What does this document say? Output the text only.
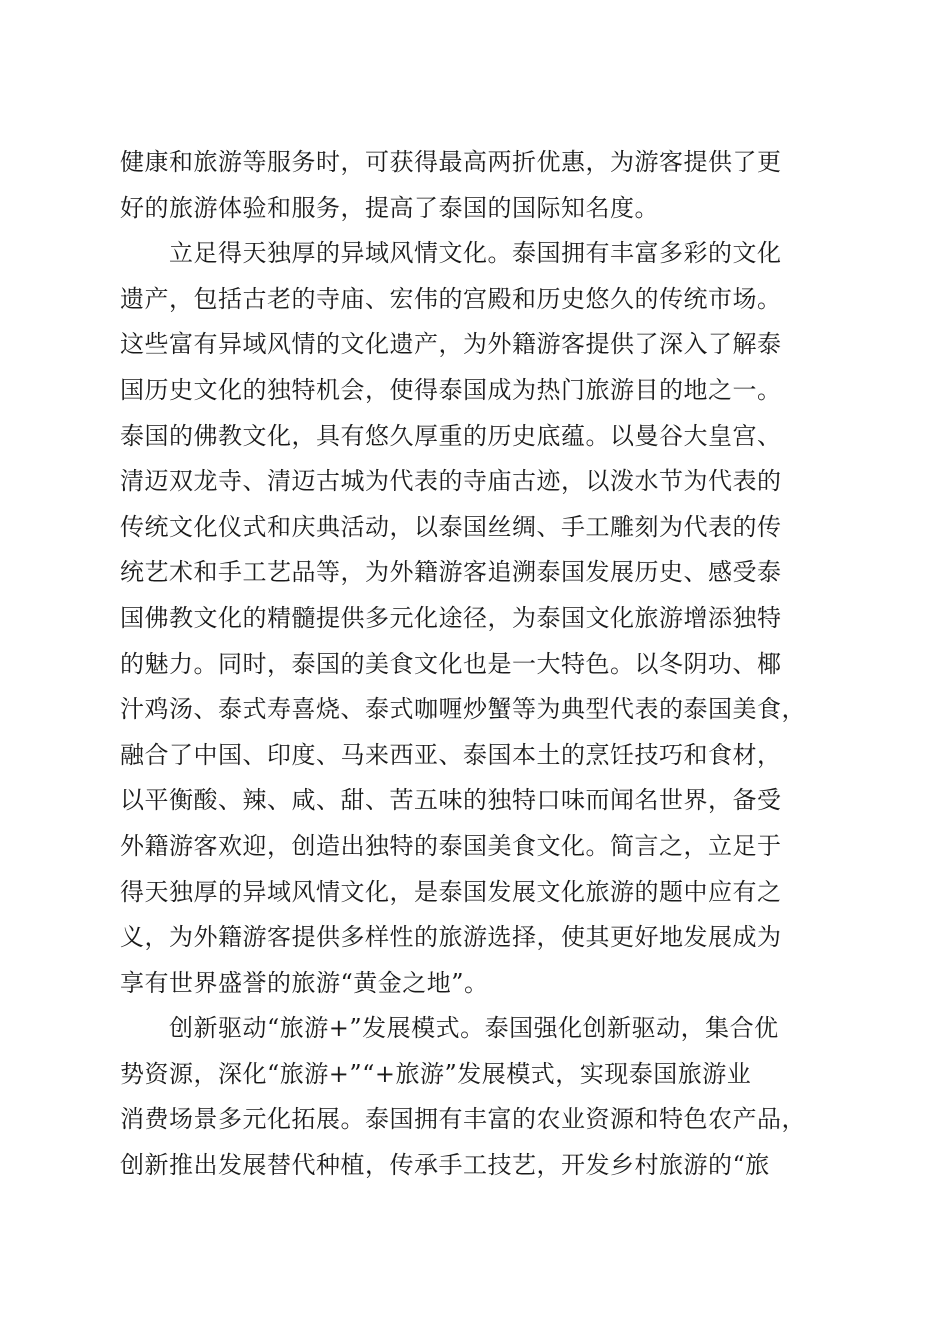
健康和旅游等服务时，可获得最高两折优惠，为游客提供了更
好的旅游体验和服务，提高了泰国的国际知名度。
　　立足得天独厚的异域风情文化。泰国拥有丰富多彩的文化
遗产，包括古老的寺庙、宏伟的宫殿和历史悠久的传统市场。
这些富有异域风情的文化遗产，为外籍游客提供了深入了解泰
国历史文化的独特机会，使得泰国成为热门旅游目的地之一。
泰国的佛教文化，具有悠久厚重的历史底蕴。以曼谷大皇宫、
清迈双龙寺、清迈古城为代表的寺庙古迹，以泼水节为代表的
传统文化仪式和庆典活动，以泰国丝绸、手工雕刻为代表的传
统艺术和手工艺品等，为外籍游客追溯泰国发展历史、感受泰
国佛教文化的精髓提供多元化途径，为泰国文化旅游增添独特
的魅力。同时，泰国的美食文化也是一大特色。以冬阴功、椰
汁鸡汤、泰式寿喜烧、泰式咖喱炒蟹等为典型代表的泰国美食，
融合了中国、印度、马来西亚、泰国本土的烹饪技巧和食材，
以平衡酸、辣、咸、甜、苦五味的独特口味而闻名世界，备受
外籍游客欢迎，创造出独特的泰国美食文化。简言之，立足于
得天独厚的异域风情文化，是泰国发展文化旅游的题中应有之
义，为外籍游客提供多样性的旅游选择，使其更好地发展成为
享有世界盛誉的旅游“黄金之地”。
　　创新驱动“旅游+”发展模式。泰国强化创新驱动，集合优
势资源，深化“旅游+”“+旅游”发展模式，实现泰国旅游业
消费场景多元化拓展。泰国拥有丰富的农业资源和特色农产品，
创新推出发展替代种植，传承手工技艺，开发乡村旅游的“旅
